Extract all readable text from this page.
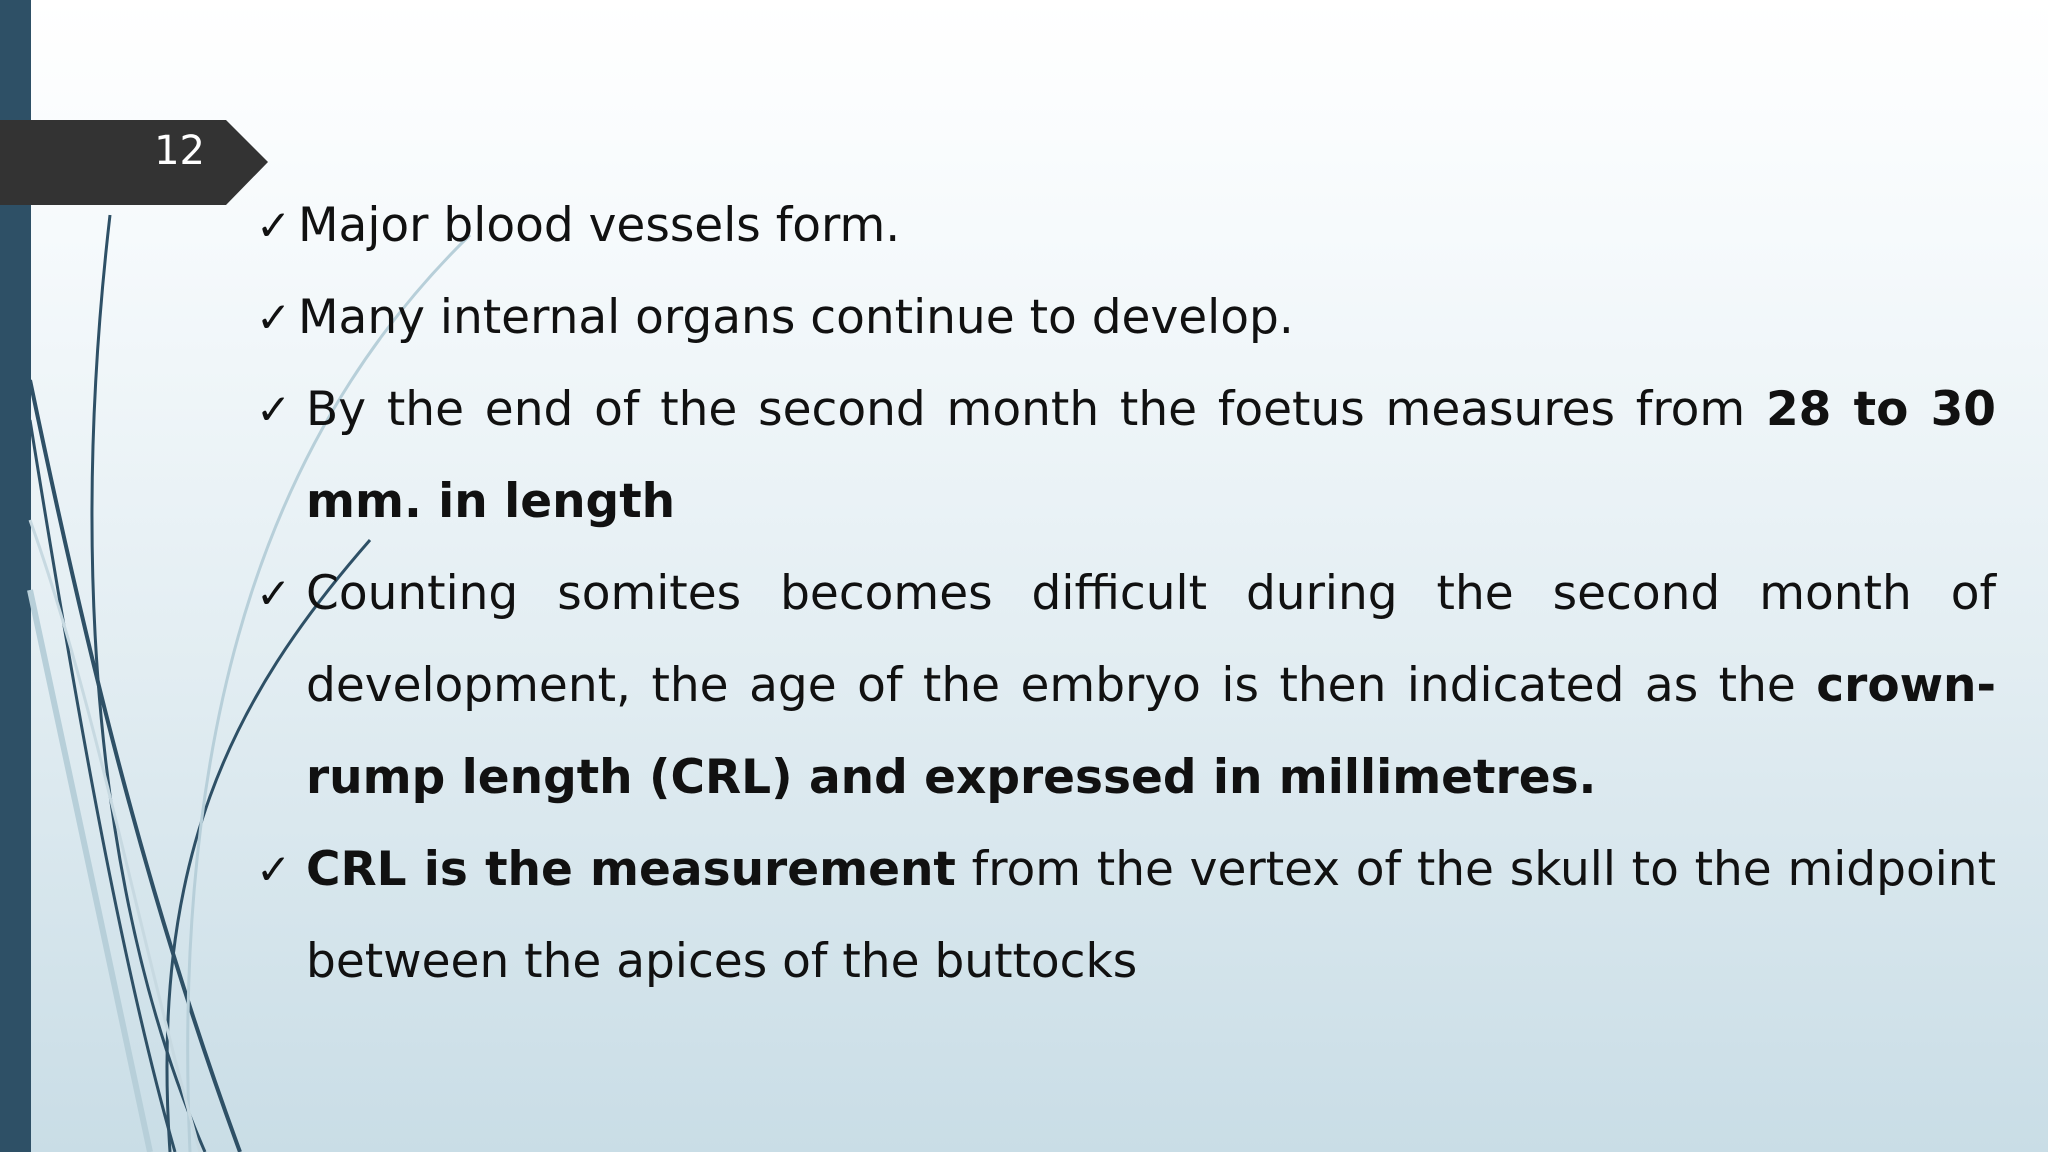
12
✓ Major blood vessels form.
✓ Many internal organs continue to develop.
✓ By the end of the second month the foetus measures from 28 to 30 mm. in length
✓ Counting somites becomes difficult during the second month of development, the age of the embryo is then indicated as the crown-rump length (CRL) and expressed in millimetres.
✓ CRL is the measurement from the vertex of the skull to the midpoint between the apices of the buttocks
